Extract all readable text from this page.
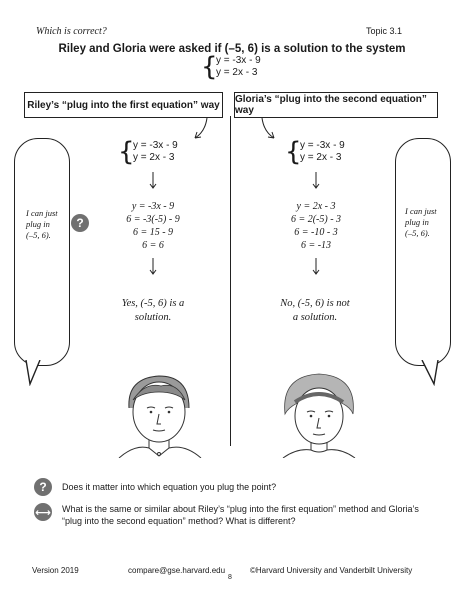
Which is correct?	Topic 3.1
Riley and Gloria were asked if (–5, 6) is a solution to the system
{
y = -3x - 9
y = 2x - 3
Riley’s “plug into the first equation” way	Gloria’s “plug into the second equation” way
{
y = -3x - 9
y = 2x - 3	{
y = -3x - 9
y = 2x - 3
y = -3x - 9
6 = -3(-5) - 9
6 = 15 - 9
6 = 6
y = 2x - 3
6 = 2(-5) - 3
6 = -10 - 3
6 = -13
Yes, (-5, 6) is a
solution.
No, (-5, 6) is not
a solution.
I can just
plug in
(–5, 6).
I can just
plug in
(–5, 6).
?
?	Does it matter into which equation you plug the point?
⟷ What is the same or similar about Riley’s “plug into the first equation” method and Gloria’s
“plug into the second equation” method? What is different?
Version 2019	compare@gse.harvard.edu	©Harvard University and Vanderbilt University
8
